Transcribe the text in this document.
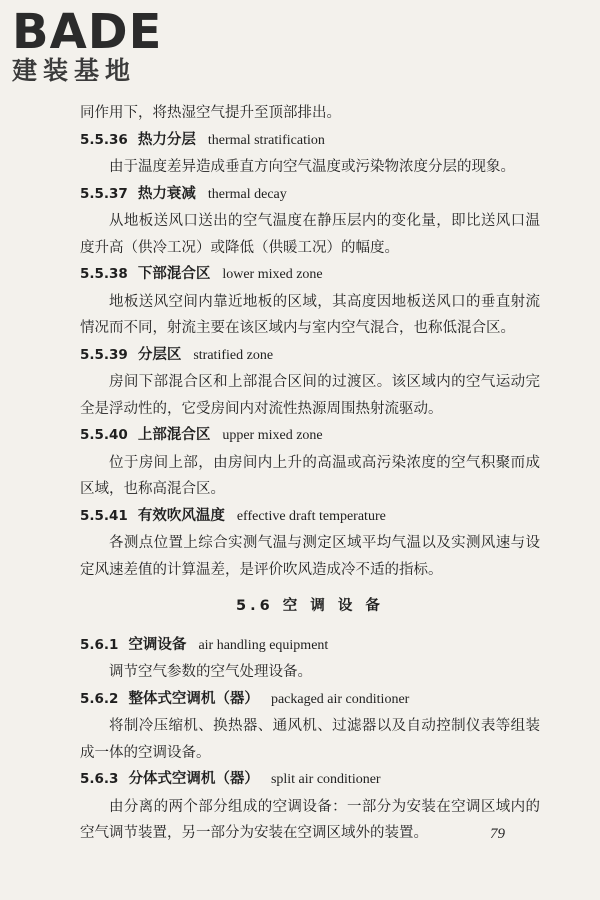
BADE
建装基地

同作用下，将热湿空气提升至顶部排出。

5.5.36 热力分层 thermal stratification

由于温度差异造成垂直方向空气温度或污染物浓度分层的现象。

5.5.37 热力衰减 thermal decay

从地板送风口送出的空气温度在静压层内的变化量，即比送风口温度升高（供冷工况）或降低（供暖工况）的幅度。

5.5.38 下部混合区 lower mixed zone

地板送风空间内靠近地板的区域，其高度因地板送风口的垂直射流情况而不同，射流主要在该区域内与室内空气混合，也称低混合区。

5.5.39 分层区 stratified zone

房间下部混合区和上部混合区间的过渡区。该区域内的空气运动完全是浮动性的，它受房间内对流性热源周围热射流驱动。

5.5.40 上部混合区 upper mixed zone

位于房间上部，由房间内上升的高温或高污染浓度的空气积聚而成区域，也称高混合区。

5.5.41 有效吹风温度 effective draft temperature

各测点位置上综合实测气温与测定区域平均气温以及实测风速与设定风速差值的计算温差，是评价吹风造成冷不适的指标。

5.6 空 调 设 备

5.6.1 空调设备 air handling equipment

调节空气参数的空气处理设备。

5.6.2 整体式空调机（器） packaged air conditioner

将制冷压缩机、换热器、通风机、过滤器以及自动控制仪表等组装成一体的空调设备。

5.6.3 分体式空调机（器） split air conditioner

由分离的两个部分组成的空调设备：一部分为安装在空调区域内的空气调节装置，另一部分为安装在空调区域外的装置。	79
